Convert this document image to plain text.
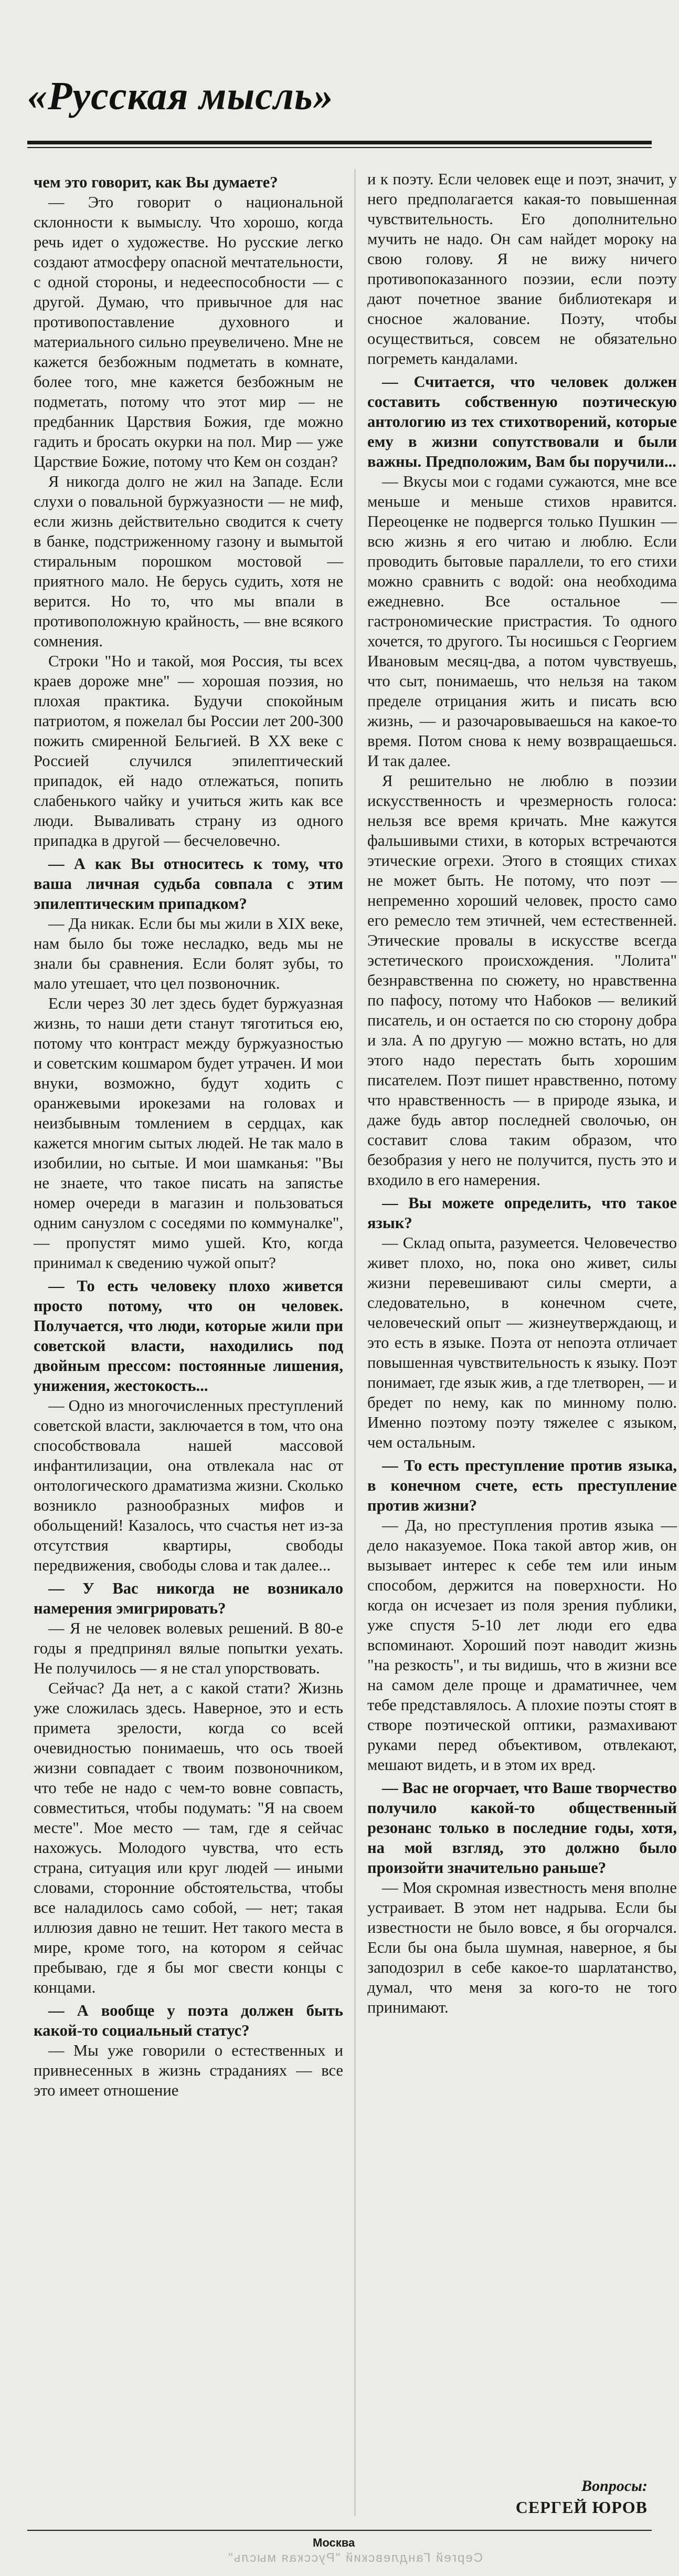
«Русская мысль»

чем это говорит, как Вы думаете?

— Это говорит о национальной склонности к вымыслу. Что хорошо, когда речь идет о художестве. Но русские легко создают атмосферу опасной мечтательности, с одной стороны, и недееспособности — с другой. Думаю, что привычное для нас противопоставление духовного и материального сильно преувеличено. Мне не кажется безбожным подметать в комнате, более того, мне кажется безбожным не подметать, потому что этот мир — не предбанник Царствия Божия, где можно гадить и бросать окурки на пол. Мир — уже Царствие Божие, потому что Кем он создан?

Я никогда долго не жил на Западе. Если слухи о повальной буржуазности — не миф, если жизнь действительно сводится к счету в банке, подстриженному газону и вымытой стиральным порошком мостовой — приятного мало. Не берусь судить, хотя не верится. Но то, что мы впали в противоположную крайность, — вне всякого сомнения.

Строки "Но и такой, моя Россия, ты всех краев дороже мне" — хорошая поэзия, но плохая практика. Будучи спокойным патриотом, я пожелал бы России лет 200-300 пожить смиренной Бельгией. В XX веке с Россией случился эпилептический припадок, ей надо отлежаться, попить слабенького чайку и учиться жить как все люди. Вываливать страну из одного припадка в другой — бесчеловечно.

— А как Вы относитесь к тому, что ваша личная судьба совпала с этим эпилептическим припадком?

— Да никак. Если бы мы жили в XIX веке, нам было бы тоже несладко, ведь мы не знали бы сравнения. Если болят зубы, то мало утешает, что цел позвоночник.

Если через 30 лет здесь будет буржуазная жизнь, то наши дети станут тяготиться ею, потому что контраст между буржуазностью и советским кошмаром будет утрачен. И мои внуки, возможно, будут ходить с оранжевыми ирокезами на головах и неизбывным томлением в сердцах, как кажется многим сытых людей. Не так мало в изобилии, но сытые. И мои шамканья: "Вы не знаете, что такое писать на запястье номер очереди в магазин и пользоваться одним санузлом с соседями по коммуналке", — пропустят мимо ушей. Кто, когда принимал к сведению чужой опыт?

— То есть человеку плохо живется просто потому, что он человек. Получается, что люди, которые жили при советской власти, находились под двойным прессом: постоянные лишения, унижения, жестокость...

— Одно из многочисленных преступлений советской власти, заключается в том, что она способствовала нашей массовой инфантилизации, она отвлекала нас от онтологического драматизма жизни. Сколько возникло разнообразных мифов и обольщений! Казалось, что счастья нет из-за отсутствия квартиры, свободы передвижения, свободы слова и так далее...

— У Вас никогда не возникало намерения эмигрировать?

— Я не человек волевых решений. В 80-е годы я предпринял вялые попытки уехать. Не получилось — я не стал упорствовать.

Сейчас? Да нет, а с какой стати? Жизнь уже сложилась здесь. Наверное, это и есть примета зрелости, когда со всей очевидностью понимаешь, что ось твоей жизни совпадает с твоим позвоночником, что тебе не надо с чем-то вовне совпасть, совместиться, чтобы подумать: "Я на своем месте". Мое место — там, где я сейчас нахожусь. Молодого чувства, что есть страна, ситуация или круг людей — иными словами, сторонние обстоятельства, чтобы все наладилось само собой, — нет; такая иллюзия давно не тешит. Нет такого места в мире, кроме того, на котором я сейчас пребываю, где я бы мог свести концы с концами.

— А вообще у поэта должен быть какой-то социальный статус?

— Мы уже говорили о естественных и привнесенных в жизнь страданиях — все это имеет отношение

и к поэту. Если человек еще и поэт, значит, у него предполагается какая-то повышенная чувствительность. Его дополнительно мучить не надо. Он сам найдет мороку на свою голову. Я не вижу ничего противопоказанного поэзии, если поэту дают почетное звание библиотекаря и сносное жалование. Поэту, чтобы осуществиться, совсем не обязательно погреметь кандалами.

— Считается, что человек должен составить собственную поэтическую антологию из тех стихотворений, которые ему в жизни сопутствовали и были важны. Предположим, Вам бы поручили...

— Вкусы мои с годами сужаются, мне все меньше и меньше стихов нравится. Переоценке не подвергся только Пушкин — всю жизнь я его читаю и люблю. Если проводить бытовые параллели, то его стихи можно сравнить с водой: она необходима ежедневно. Все остальное — гастрономические пристрастия. То одного хочется, то другого. Ты носишься с Георгием Ивановым месяц-два, а потом чувствуешь, что сыт, понимаешь, что нельзя на таком пределе отрицания жить и писать всю жизнь, — и разочаровываешься на какое-то время. Потом снова к нему возвращаешься. И так далее.

Я решительно не люблю в поэзии искусственность и чрезмерность голоса: нельзя все время кричать. Мне кажутся фальшивыми стихи, в которых встречаются этические огрехи. Этого в стоящих стихах не может быть. Не потому, что поэт — непременно хороший человек, просто само его ремесло тем этичней, чем естественней. Этические провалы в искусстве всегда эстетического происхождения. "Лолита" безнравственна по сюжету, но нравственна по пафосу, потому что Набоков — великий писатель, и он остается по сю сторону добра и зла. А по другую — можно встать, но для этого надо перестать быть хорошим писателем. Поэт пишет нравственно, потому что нравственность — в природе языка, и даже будь автор последней сволочью, он составит слова таким образом, что безобразия у него не получится, пусть это и входило в его намерения.

— Вы можете определить, что такое язык?

— Склад опыта, разумеется. Человечество живет плохо, но, пока оно живет, силы жизни перевешивают силы смерти, а следовательно, в конечном счете, человеческий опыт — жизнеутверждающ, и это есть в языке. Поэта от непоэта отличает повышенная чувствительность к языку. Поэт понимает, где язык жив, а где тлетворен, — и бредет по нему, как по минному полю. Именно поэтому поэту тяжелее с языком, чем остальным.

— То есть преступление против языка, в конечном счете, есть преступление против жизни?

— Да, но преступления против языка — дело наказуемое. Пока такой автор жив, он вызывает интерес к себе тем или иным способом, держится на поверхности. Но когда он исчезает из поля зрения публики, уже спустя 5-10 лет люди его едва вспоминают. Хороший поэт наводит жизнь "на резкость", и ты видишь, что в жизни все на самом деле проще и драматичнее, чем тебе представлялось. А плохие поэты стоят в створе поэтической оптики, размахивают руками перед объективом, отвлекают, мешают видеть, и в этом их вред.

— Вас не огорчает, что Ваше творчество получило какой-то общественный резонанс только в последние годы, хотя, на мой взгляд, это должно было произойти значительно раньше?

— Моя скромная известность меня вполне устраивает. В этом нет надрыва. Если бы известности не было вовсе, я бы огорчался. Если бы она была шумная, наверное, я бы заподозрил в себе какое-то шарлатанство, думал, что меня за кого-то не того принимают.

Вопросы:
СЕРГЕЙ ЮРОВ
Москва
Сергей Гандлевский "Русская мысль"
